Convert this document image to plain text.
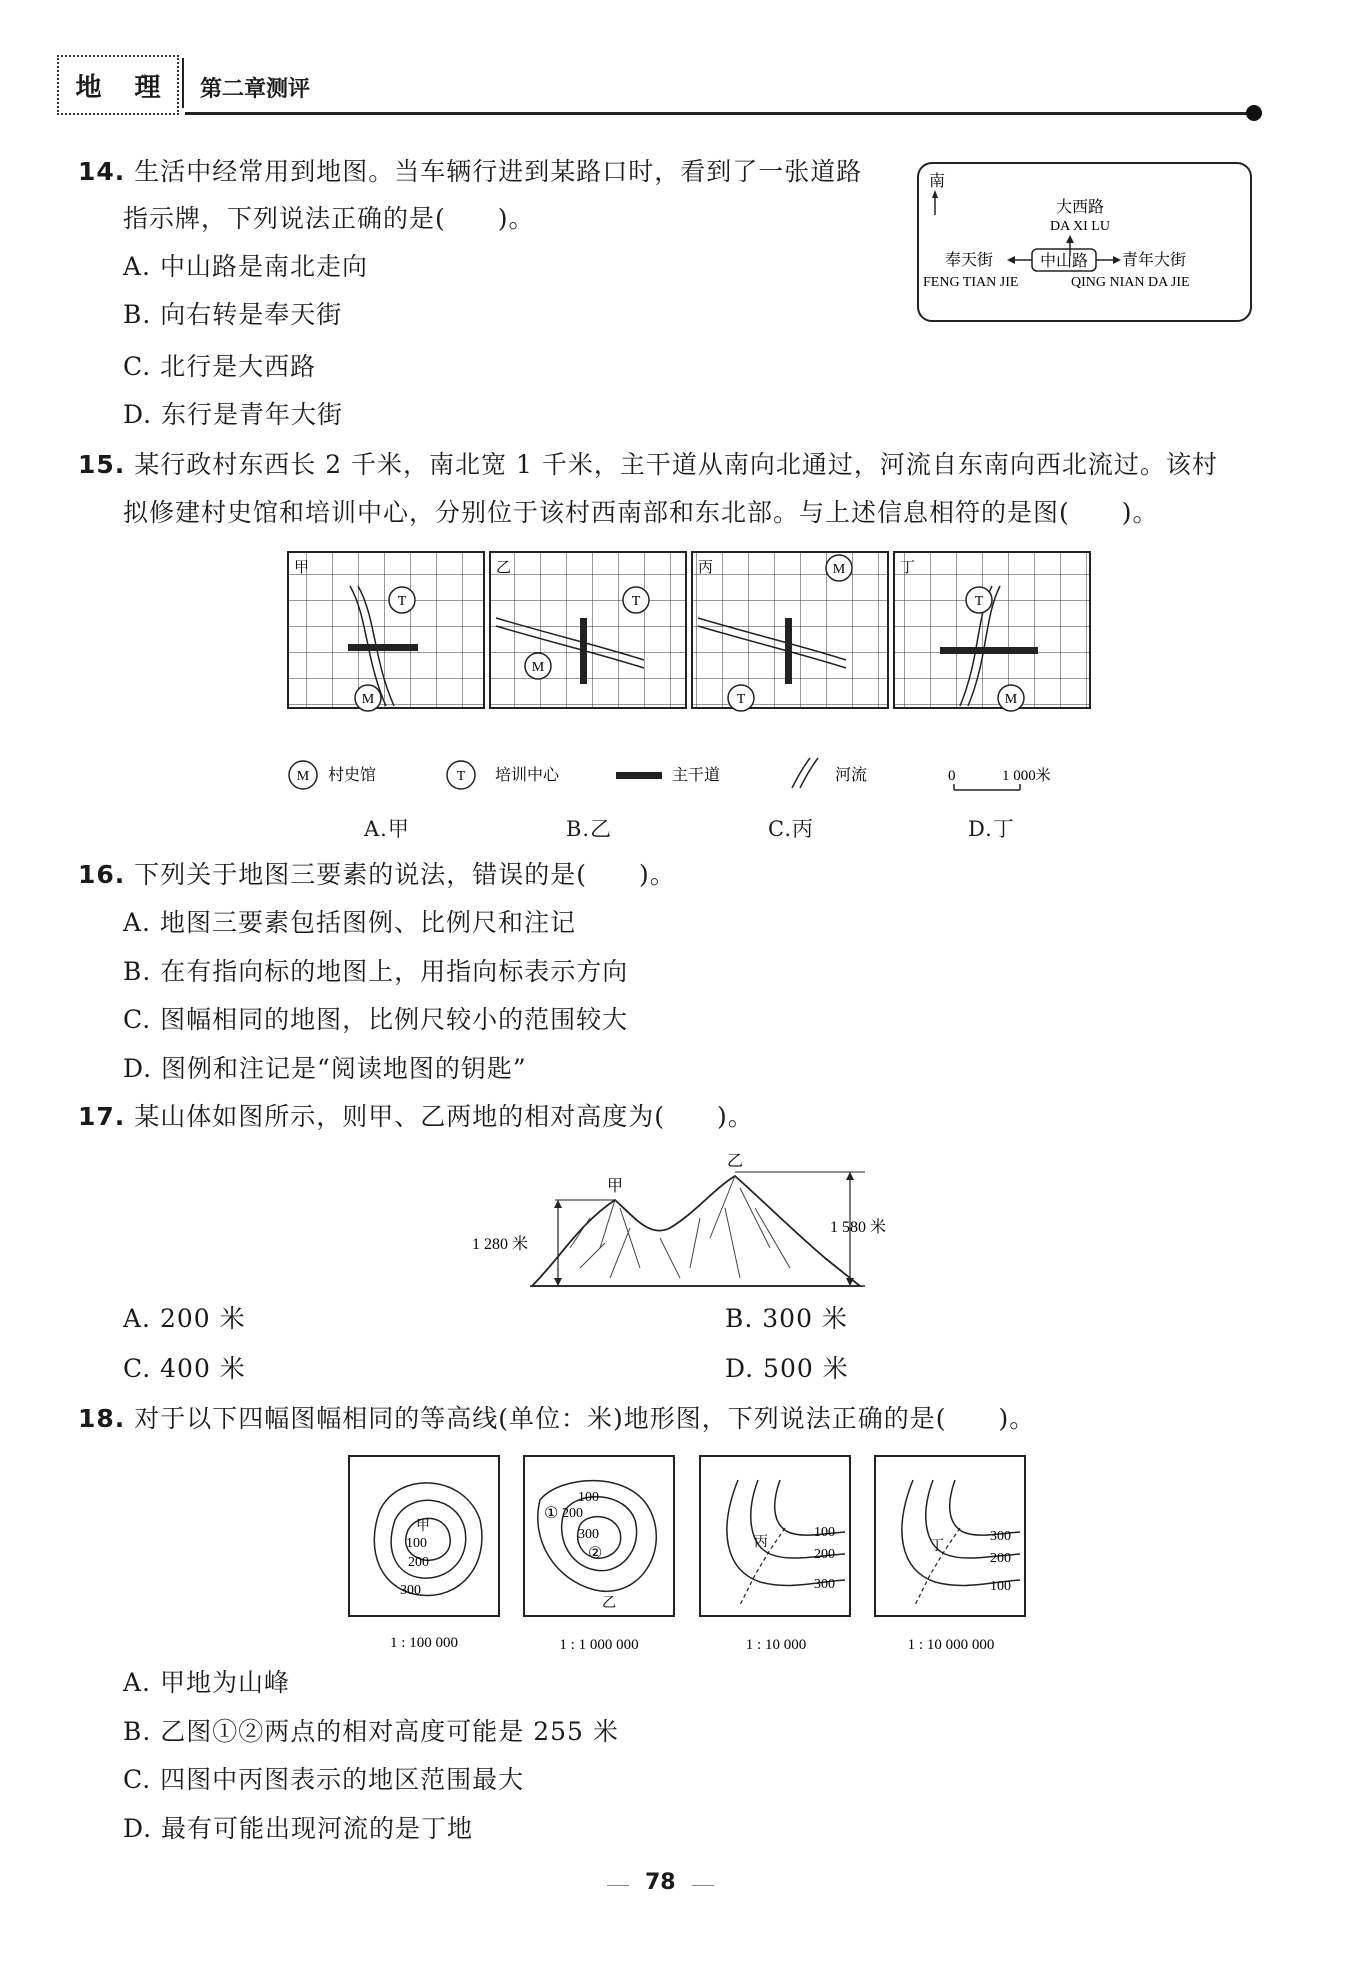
地 理 第二章测评
14. 生活中经常用到地图。当车辆行进到某路口时，看到了一张道路
指示牌，下列说法正确的是(　　)。
A. 中山路是南北走向
B. 向右转是奉天街
C. 北行是大西路
D. 东行是青年大街
南
大西路
DA XI LU
奉天街	中山路 青年大街
FENG TIAN JIE	QING NIAN DA JIE
15. 某行政村东西长 2 千米，南北宽 1 千米，主干道从南向北通过，河流自东南向西北流过。该村
拟修建村史馆和培训中心，分别位于该村西南部和东北部。与上述信息相符的是图(　　)。
甲
T
M
乙
T
M
丙	M
T
丁
T
M
M 村史馆	T 培训中心	主干道	河流	0	1 000米
A.甲	B.乙	C.丙	D.丁
16. 下列关于地图三要素的说法，错误的是(　　)。
A. 地图三要素包括图例、比例尺和注记
B. 在有指向标的地图上，用指向标表示方向
C. 图幅相同的地图，比例尺较小的范围较大
D. 图例和注记是“阅读地图的钥匙”
17. 某山体如图所示，则甲、乙两地的相对高度为(　　)。
甲
乙
1 280 米
1 580 米
A. 200 米	B. 300 米
C. 400 米	D. 500 米
18. 对于以下四幅图幅相同的等高线(单位：米)地形图，下列说法正确的是(　　)。
甲
100
200
300
1 : 100 000
100
200
300
①
②
乙
1 : 1 000 000
丙
100
200
300
1 : 10 000
丁
300
200
100
1 : 10 000 000
A. 甲地为山峰
B. 乙图①②两点的相对高度可能是 255 米
C. 四图中丙图表示的地区范围最大
D. 最有可能出现河流的是丁地
78
